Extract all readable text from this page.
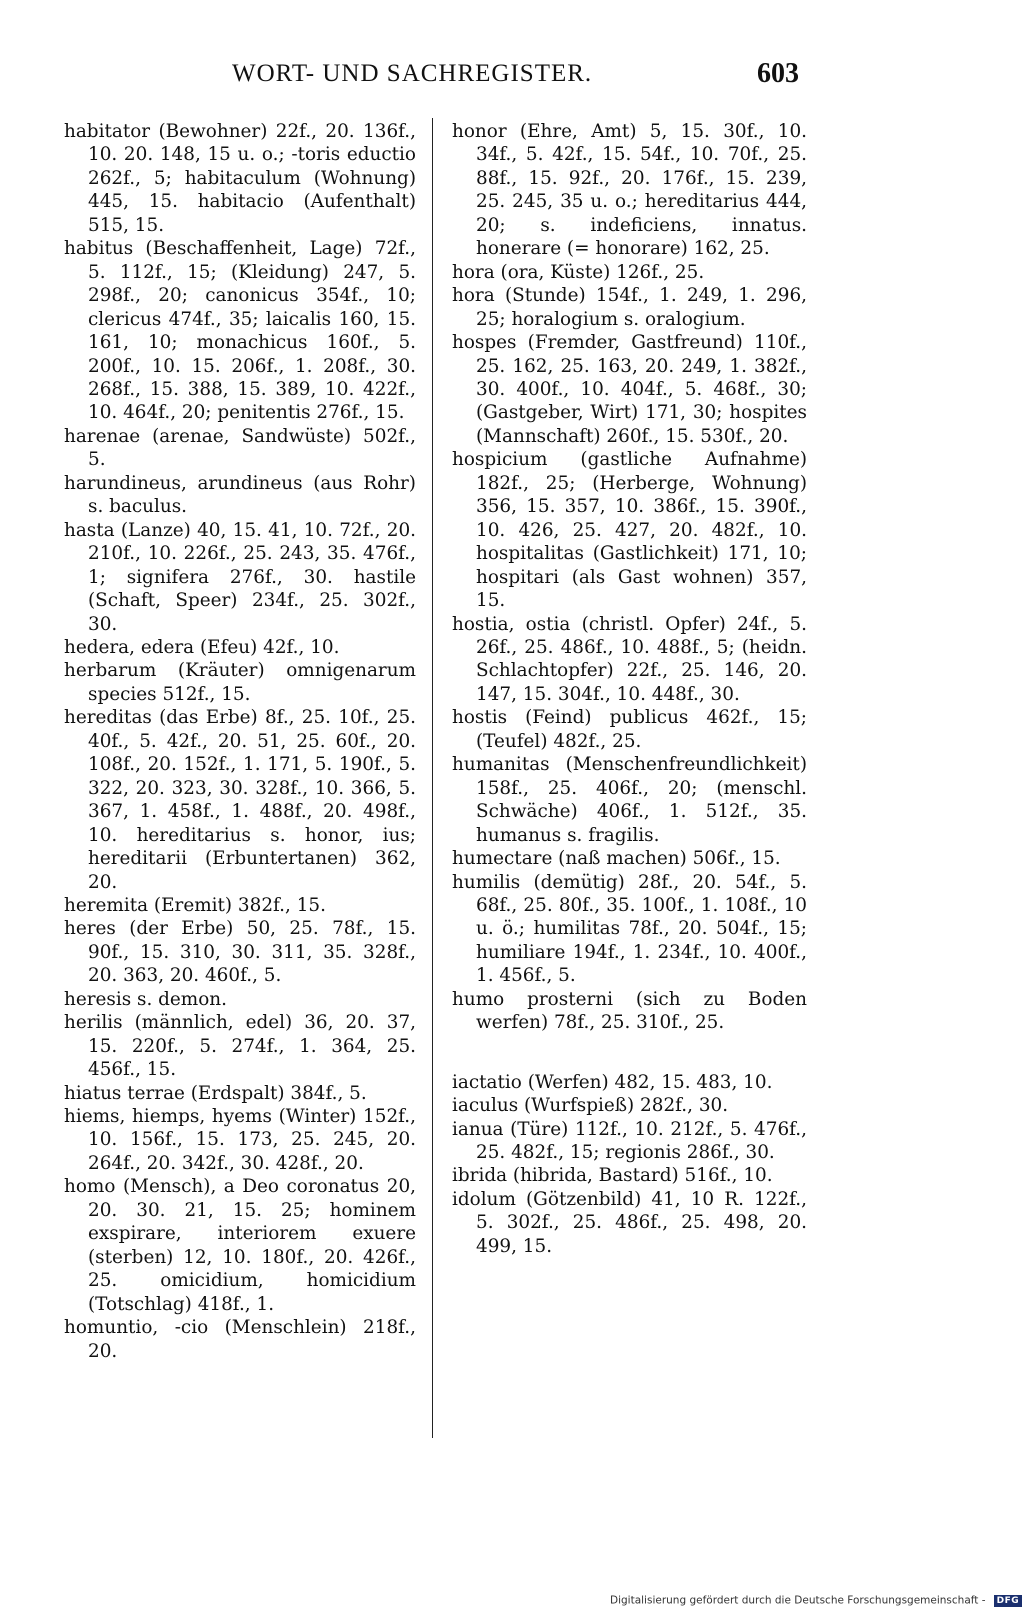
WORT- UND SACHREGISTER.	603
habitator (Bewohner) 22f., 20. 136f., 10. 20. 148, 15 u. o.; -toris eductio 262f., 5; habitaculum (Wohnung) 445, 15. habitacio (Aufenthalt) 515, 15.
habitus (Beschaffenheit, Lage) 72f., 5. 112f., 15; (Kleidung) 247, 5. 298f., 20; canonicus 354f., 10; clericus 474f., 35; laicalis 160, 15. 161, 10; monachicus 160f., 5. 200f., 10. 15. 206f., 1. 208f., 30. 268f., 15. 388, 15. 389, 10. 422f., 10. 464f., 20; penitentis 276f., 15.
harenae (arenae, Sandwüste) 502f., 5.
harundineus, arundineus (aus Rohr) s. baculus.
hasta (Lanze) 40, 15. 41, 10. 72f., 20. 210f., 10. 226f., 25. 243, 35. 476f., 1; signifera 276f., 30. hastile (Schaft, Speer) 234f., 25. 302f., 30.
hedera, edera (Efeu) 42f., 10.
herbarum (Kräuter) omnigenarum species 512f., 15.
hereditas (das Erbe) 8f., 25. 10f., 25. 40f., 5. 42f., 20. 51, 25. 60f., 20. 108f., 20. 152f., 1. 171, 5. 190f., 5. 322, 20. 323, 30. 328f., 10. 366, 5. 367, 1. 458f., 1. 488f., 20. 498f., 10. hereditarius s. honor, ius; hereditarii (Erbuntertanen) 362, 20.
heremita (Eremit) 382f., 15.
heres (der Erbe) 50, 25. 78f., 15. 90f., 15. 310, 30. 311, 35. 328f., 20. 363, 20. 460f., 5.
heresis s. demon.
herilis (männlich, edel) 36, 20. 37, 15. 220f., 5. 274f., 1. 364, 25. 456f., 15.
hiatus terrae (Erdspalt) 384f., 5.
hiems, hiemps, hyems (Winter) 152f., 10. 156f., 15. 173, 25. 245, 20. 264f., 20. 342f., 30. 428f., 20.
homo (Mensch), a Deo coronatus 20, 20. 30. 21, 15. 25; hominem exspirare, interiorem exuere (sterben) 12, 10. 180f., 20. 426f., 25. omicidium, homicidium (Totschlag) 418f., 1.
homuntio, -cio (Menschlein) 218f., 20.
honor (Ehre, Amt) 5, 15. 30f., 10. 34f., 5. 42f., 15. 54f., 10. 70f., 25. 88f., 15. 92f., 20. 176f., 15. 239, 25. 245, 35 u. o.; hereditarius 444, 20; s. indeficiens, innatus. honerare (= honorare) 162, 25.
hora (ora, Küste) 126f., 25.
hora (Stunde) 154f., 1. 249, 1. 296, 25; horalogium s. oralogium.
hospes (Fremder, Gastfreund) 110f., 25. 162, 25. 163, 20. 249, 1. 382f., 30. 400f., 10. 404f., 5. 468f., 30; (Gastgeber, Wirt) 171, 30; hospites (Mannschaft) 260f., 15. 530f., 20.
hospicium (gastliche Aufnahme) 182f., 25; (Herberge, Wohnung) 356, 15. 357, 10. 386f., 15. 390f., 10. 426, 25. 427, 20. 482f., 10. hospitalitas (Gastlichkeit) 171, 10; hospitari (als Gast wohnen) 357, 15.
hostia, ostia (christl. Opfer) 24f., 5. 26f., 25. 486f., 10. 488f., 5; (heidn. Schlachtopfer) 22f., 25. 146, 20. 147, 15. 304f., 10. 448f., 30.
hostis (Feind) publicus 462f., 15; (Teufel) 482f., 25.
humanitas (Menschenfreundlichkeit) 158f., 25. 406f., 20; (menschl. Schwäche) 406f., 1. 512f., 35. humanus s. fragilis.
humectare (naß machen) 506f., 15.
humilis (demütig) 28f., 20. 54f., 5. 68f., 25. 80f., 35. 100f., 1. 108f., 10 u. ö.; humilitas 78f., 20. 504f., 15; humiliare 194f., 1. 234f., 10. 400f., 1. 456f., 5.
humo prosterni (sich zu Boden werfen) 78f., 25. 310f., 25.
iactatio (Werfen) 482, 15. 483, 10.
iaculus (Wurfspieß) 282f., 30.
ianua (Türe) 112f., 10. 212f., 5. 476f., 25. 482f., 15; regionis 286f., 30.
ibrida (hibrida, Bastard) 516f., 10.
idolum (Götzenbild) 41, 10 R. 122f., 5. 302f., 25. 486f., 25. 498, 20. 499, 15.
Digitalisierung gefördert durch die Deutsche Forschungsgemeinschaft - DFG
